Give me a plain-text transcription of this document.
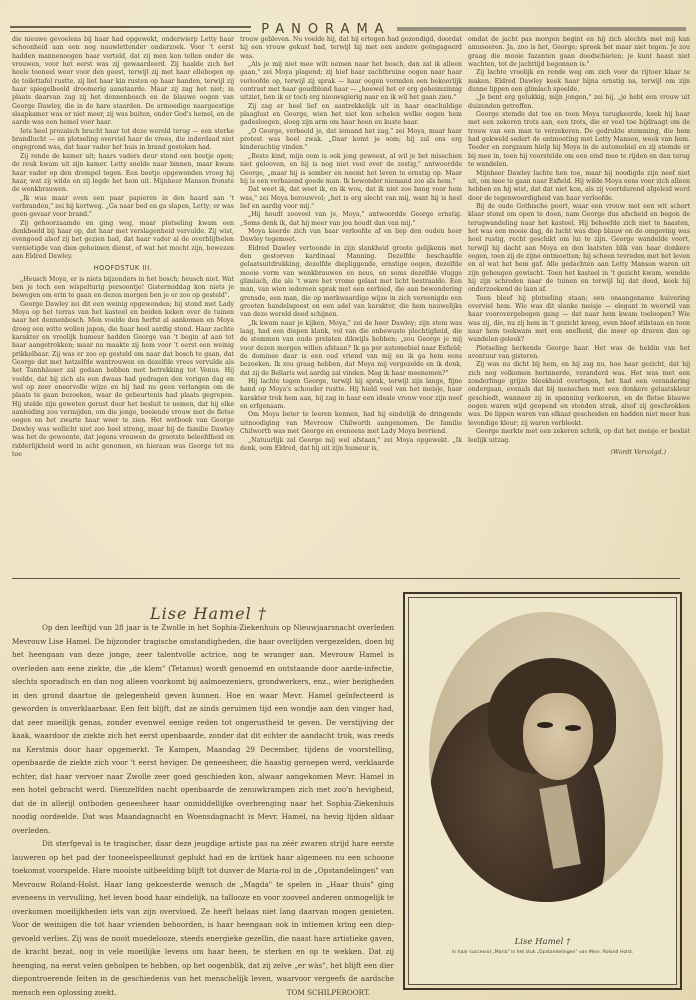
PANORAMA

die nieuwe gevoelens bij haar had opgewekt, onderwierp Letty haar schoonheid aan een nog nauwlettender onderzoek. Voor 't eerst hadden mannenoogen haar verteld, dat zij men kon tellen onder de vrouwen, voor het eerst was zij gewaardeerd. Zij haalde zich het heele tooneel weer voor den geest, terwijl zij met haar ellebogen op de toilettafel rustte, zij liet haar kin rusten op haar handen, terwijl zij haar spiegelbeeld droomerig aanstaarde. Maar zij zag het niet; in plaats daarvan zag zij het dennenbosch en de blauwe oogen van George Dawley, die in de hare staarden. De armoedige naargeestige slaapkamer was er niet meer, zij was buiten, onder God's hemel, en de aarde was een hemel voor haar.

Iets heel prozaïsch bracht haar tot deze wereld terug — een sterke brandlucht — en plotseling overviel haar de vrees, die inderdaad niet ongegrond was, dat haar vader het huis in brand gestoken had.

Zij rende de kamer uit; haars vaders deur stond een beetje open; de reuk kwam uit zijn kamer. Letty snelde naar binnen, maar kwam haar vader op den drempel tegen. Een beetje opgewonden vroeg hij haar, wat zij wilde en zij legde het hem uit. Mijnheer Manson fronste de wenkbrauwen.

„Ik was maar even een paar papieren in den haard aan 't verbranden," zei hij kortweg. „Ga naar bed en ga slapen, Letty; er was geen gevaar voor brand."

Zij gehoorzaamde en ging weg, maar plotseling kwam een denkbeeld bij haar op, dat haar met verslagenheid vervulde. Zij wist, evengoed alsof zij het gezien had, dat haar vader al de overblijfselen vernietigde van dien geheimen dienst, of wat het mocht zijn, bewezen aan Eldred Dawley.

HOOFDSTUK III.

„Heusch Moya, er is niets bijzonders in het bosch; heusch niet. Wat ben je toch een wispelturig persoontje! Gistermiddag kon niets je bewegen om erin te gaan en dezen morgen ben je er zoo op gesteld".

George Dawley zei dit een weinig opgewonden; hij stond met Lady Moya op het terras van het kasteel en beiden keken over de tuinen naar het dennenbosch. Men voelde den herfst al aankomen en Moya droeg een witte wollen japon, die haar heel aardig stond. Haar zachte karakter en vroolijk humeur hadden George van 't begin af aan tot haar aangetrokken; maar nu maakte zij hem voor 't eerst een weinig prikkelbaar. Zij was er zoo op gesteld om naar dat bosch te gaan, dat George dat met hetzelfde wantrouwen en dezelfde vrees vervulde als het Tannhäuser zal gedaan hebben met betrekking tot Venus. Hij voelde, dat hij zich als een dwaas had gedragen den vorigen dag en wel op zeer oneervolle wijze en hij had nu geen verlangen om de plaats te gaan bezoeken, waar de gebeurtenis had plaats gegrepen. Hij stelde zijn geweten gerust door het besluit te nemen, dat hij elke aanleiding zou vermijden, om die jonge, boeiende vrouw met de fletse oogen en het zwarte haar weer te zien. Het wetboek van George Dawley was wellicht niet zoo heel streng, maar bij de familie Dawley was het de gewoonte, dat jegens vrouwen de grootste beleefdheid en ridderlijkheid werd in acht genomen, en hieraan was George tot nu toe

trouw gebleven. Nu voelde hij, dat hij ertegen had gezondigd, doordat hij een vrouw gekust had, terwijl hij met een andere geëngageerd was.

„Als je mij niet mee wilt nemen naar het bosch, dan zal ik alleen gaan," zei Moya plagend; zij hief haar zachtbruine oogen naar haar verloofde op, terwijl zij sprak — haar oogen vormden een bekoorlijk contrast met haar goudblond haar — „hoewel het er erg geheimzinnig uitziet, ben ik er toch erg nieuwsgierig naar en ik wil het gaan zien."

Zij zag er heel lief en aantrekkelijk uit in haar onschuldige plaaglust en George, wien het niet kon schelen welke oogen hem gadesloegen, sloeg zijn arm om haar heen en kuste haar.

„O George, verbeeld je, dat iemand het zag," zei Moya, maar haar protest was heel zwak. „Daar komt je oom; hij zal ons erg kinderachtig vinden."

„Beste kind, mijn oom is ook jong geweest, al wil je het misschien niet gelooven, en hij is nog niet veel over de zestig," antwoordde George, „maar hij is somber en neemt het leven te ernstig op. Maar hij is een verbazend goede man. Ik bewonder niemand zoo als hem."

Dat weet ik, dat weet ik, en ik wou, dat ik niet zoo bang voor hem was," zei Moya berouwvol; „het is erg slecht van mij, want hij is heel lief en aardig voor mij."

„Hij houdt zooveel van je, Moya," antwoordde George ernstig. „Soms denk ik, dat hij meer van jou houdt dan van mij."

Moya keerde zich van haar verloofde af en liep den ouden heer Dawley tegemoet.

Eldred Dawley vertoonde in zijn slankheid groote gelijkenis met den gestorven kardinaal Manning. Dezelfde beschaafde gelaatsuitdrukking, dezelfde diepliggende, ernstige oogen, dezelfde mooie vorm van wenkbrauwen en neus, en soms dezelfde vlugge glimlach, die als 't ware het vrome gelaat met licht bestraalde. Een man, van wien iedereen sprak met een eerbied, die aan bewondering grensde, een man, die op merkwaardige wijze in zich vereenigde een grooten handelsgeest en een adel van karakter, die hem nauwelijks van deze wereld deed schijnen.

„Ik kwam naar je kijken, Moya," zei de heer Dawley; zijn stem was laag, had een diepen klank, vol van die onbewuste plechtigheid, die de stemmen van oude prelaten dikwijls hebben; „zou George je mij voor dezen morgen willen afstaan? Ik ga per automobiel naar Exfield; de dominee daar is een oud vriend van mij en ik ga hem eens bezoeken. Ik zou graag hebben, dat Moya mij vergezelde en ik denk, dat zij de Bellaris wel aardig zal vinden. Mag ik haar meenemen?"

Hij lachte tegen George, terwijl hij sprak, terwijl zijn lange, fijne hand op Moya's schouder rustte. Hij hield veel van het meisje, haar karakter trok hem aan, hij zag in haar een ideale vrouw voor zijn neef en erfgenaam.

Om Moya beter te leeren kennen, had hij eindelijk de dringende uitnoodiging van Mevrouw Chilworth aangenomen. De familie Chilworth was met George en eveneens met Lady Moya bevriend.

„Natuurlijk zal George mij wel afstaan," zei Moya opgewekt. „Ik denk, oom Eldred, dat hij uit zijn humeur is,

omdat de jacht pas morgen begint en hij zich slechts met mij kan amuseeren. Ja, zoo is het, George; spreek het maar niet tegen. Je zou graag die mooie fazanten gaan doodschieten; je kunt haast niet wachten, tot de jachttijd begonnen is."

Zij lachte vroolijk en rende weg om zich voor de rijtoer klaar te maken. Eldred Dawley keek haar bijna ernstig na, terwijl om zijn dunne lippen een glimlach speelde.

„Je bent erg gelukkig, mijn jongen," zei hij, „je hebt een vrouw uit duizenden getroffen.

George stemde dat toe en toen Moya terugkeerde, keek hij haar met een zekeren trots aan, een trots, die er veel toe bijdraagt om de trouw van een man te verzekeren. De gedrukte stemming, die hem had gekweld sedert de ontmoeting met Letty Manson, week van hem. Teeder en zorgzaam hielp hij Moya in de automobiel en zij stemde er bij mee in, toen hij voorstelde om een eind mee te rijden en dan terug te wandelen.

Mijnheer Dawley lachte hen toe, maar hij noodigde zijn neef niet uit, om mee te gaan naar Exfield. Hij wilde Moya eens voor zich alleen hebben en hij wist, dat dat niet kon, als zij voortdurend afgeleid werd door de tegenwoordigheid van haar verloofde.

Bij de oude Gothische poort, waar een vrouw met een wit schort klaar stond om open te doen, nam George dus afscheid en begon de terugwandeling naar het kasteel. Hij behoefde zich niet te haasten, het was een mooie dag, de lucht was diep blauw en de omgeving was heel rustig, recht geschikt om lui te zijn. George wandelde voort, terwijl hij dacht aan Moya en den laatsten blik van haar donkere oogen, toen zij de zijne ontmoetten; hij scheen tevreden met het leven en al wat het hem gaf. Alle gedachten aan Letty Manson waren uit zijn geheugen gewischt. Toen het kasteel in 't gezicht kwam, wendde hij zijn schreden naar de tuinen en terwijl hij dat deed, keek hij onderzoekend de laan af.

Toen bleef hij plotseling staan; een onaangename huivering overviel hem. Wie was dit slanke meisje — elegant in weerwil van haar voorovergebogen gang — dat naar hem kwam toeloopen? Wie was zij, die, nu zij hem in 't gezicht kreeg, even bleef stilstaan en toen naar hem toekwam met een snelheid, die meer op draven dan op wandelen geleek?

Plotseling herkende George haar. Het was de heldin van het avontuur van gisteren.

Zij was nu dicht bij hem, en hij zag nu, hoe haar gezicht, dat hij zich nog volkomen herinnerde, veranderd was. Het was met een zonderlinge grijze bleekheid overtogen, het had een verandering ondergaan, evenals dat bij menschen met een donkere gelaatskleur geschiedt, wanneer zij in spanning verkeeren, en de fletse blauwe oogen waren wijd geopend en stonden strak, alsof zij geschrokken was. De lippen waren van elkaar gescheiden en hadden niet meer hun levendige kleur; zij waren verbleekt.

George merkte met een zekeren schrik, op dat het meisje er beslist leelijk uitzag.

(Wordt Vervolgd.)

Lise Hamel †

Op den leeftijd van 28 jaar is te Zwolle in het Sophia-Ziekenhuis op Nieuwjaarsnacht overleden Mevrouw Lise Hamel. De bijzonder tragische omstandigheden, die haar overlijden vergezelden, doen bij het heengaan van deze jonge, zeer talentvolle actrice, nog te wranger aan. Mevrouw Hamel is overleden aan eene ziekte, die „de klem" (Tetanus) wordt genoemd en ontstaande door aarde-infectie, slechts sporadisch en dan nog alleen voorkomt bij aalmoezeniers, grondwerkers, enz., wier bezigheden in den grond daartoe de gelegenheid geven kunnen. Hoe en waar Mevr. Hamel geïnfecteerd is geworden is onverklaarbaar. Een feit blijft, dat ze sinds geruimen tijd een wondje aan den vinger had, dat zeer moeilijk genas, zonder evenwel eenige reden tot ongerustheid te geven. De verstijving der kaak, waardoor de ziekte zich het eerst openbaarde, zonder dat dit echter de aandacht trok, was reeds na Kerstmis door haar opgemerkt. Te Kampen, Maandag 29 December, tijdens de voorstelling, openbaarde de ziekte zich voor 't eerst heviger. De geneesheer, die haastig geroepen werd, verklaarde echter, dat haar vervoer naar Zwolle zeer goed geschieden kon, alwaar aangekomen Mevr. Hamel in een hotel gebracht werd. Dienzelfden nacht openbaarde de zenuwkrampen zich met zoo'n hevigheid, dat de in allerijl ontboden geneesheer haar onmiddellijke overbrenging naar het Sophia-Ziekenhuis noodig oordeelde. Dat was Maandagnacht en Woensdagnacht is Mevr. Hamel, na hevig lijden aldaar overleden.

Dit sterfgeval is te tragischer, daar deze jeugdige artiste pas na zéér zwaren strijd hare eerste lauweren op het pad der tooneelspeelkunst geplukt had en de kritiek haar algemeen nu een schoone toekomst voorspelde. Hare mooiste uitbeelding blijft tot dusver de Maria-rol in de „Opstandelingen" van Mevrouw Roland-Holst. Haar lang gekoesterde wensch de „Magda" te spelen in „Haar thuis" ging eveneens in vervulling, het leven bood haar eindelijk, na tallooze en voor zooveel anderen onmogelijk te overkomen moeilijkheden iets van zijn overvloed. Ze heeft helaas niet lang daarvan mogen genieten. Voor de weinigen die tot haar vrienden behoorden, is haar heengaan ook in intiemen kring een diep-gevoeld verlies. Zij was de nooit moedelooze, steeds energieke gezellin, die naast hare artistieke gaven, de kracht bezat, nog in vele moeilijke levens om haar heen, te sterken en op te wekken. Dat zij heenging, na eerst velen geholpen te hebben, op het oogenblik, dat zij zelve „er wàs", het blijft een dier diepontroerende feiten in de geschiedenis van het menschelijk leven, waarvoor vergeefs de aardsche mensch een oplossing zoekt.	TOM SCHILPEROORT.
Lise Hamel †
in haar succesrol „Maria" in het stuk „Opstandelingen" van Mevr. Roland Holst.
